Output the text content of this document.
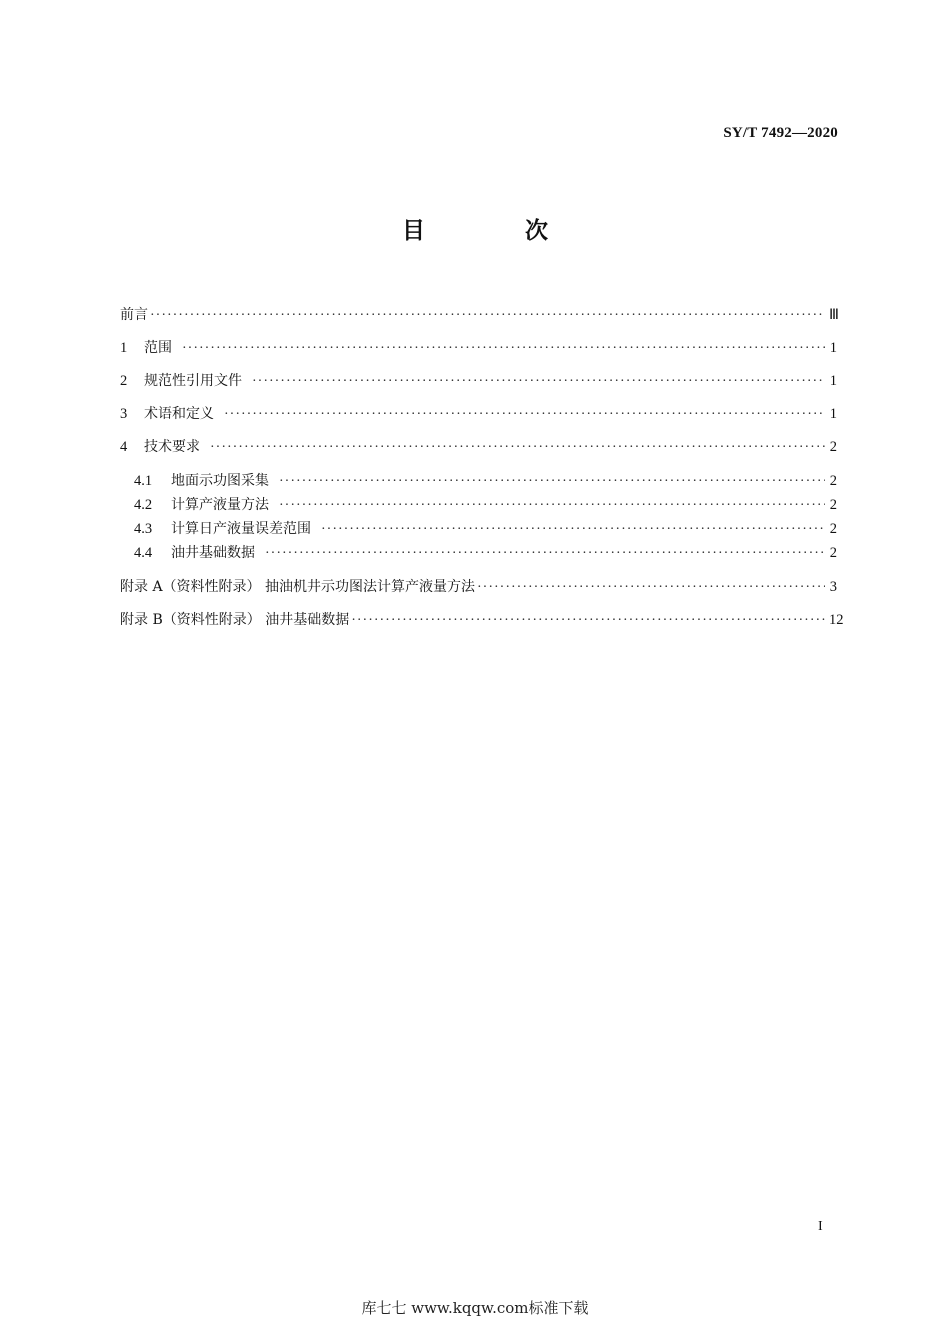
SY/T 7492—2020
目 次
前言 ·····	Ⅲ
1	范围 ·····	1
2	规范性引用文件 ·····	1
3	术语和定义 ·····	1
4	技术要求 ·····	2
4.1	地面示功图采集 ·····	2
4.2	计算产液量方法 ·····	2
4.3	计算日产液量误差范围 ·····	2
4.4	油井基础数据 ·····	2
附录 A（资料性附录） 抽油机井示功图法计算产液量方法 ·····	3
附录 B（资料性附录） 油井基础数据 ·····	12
I
库七七 www.kqqw.com标准下载
